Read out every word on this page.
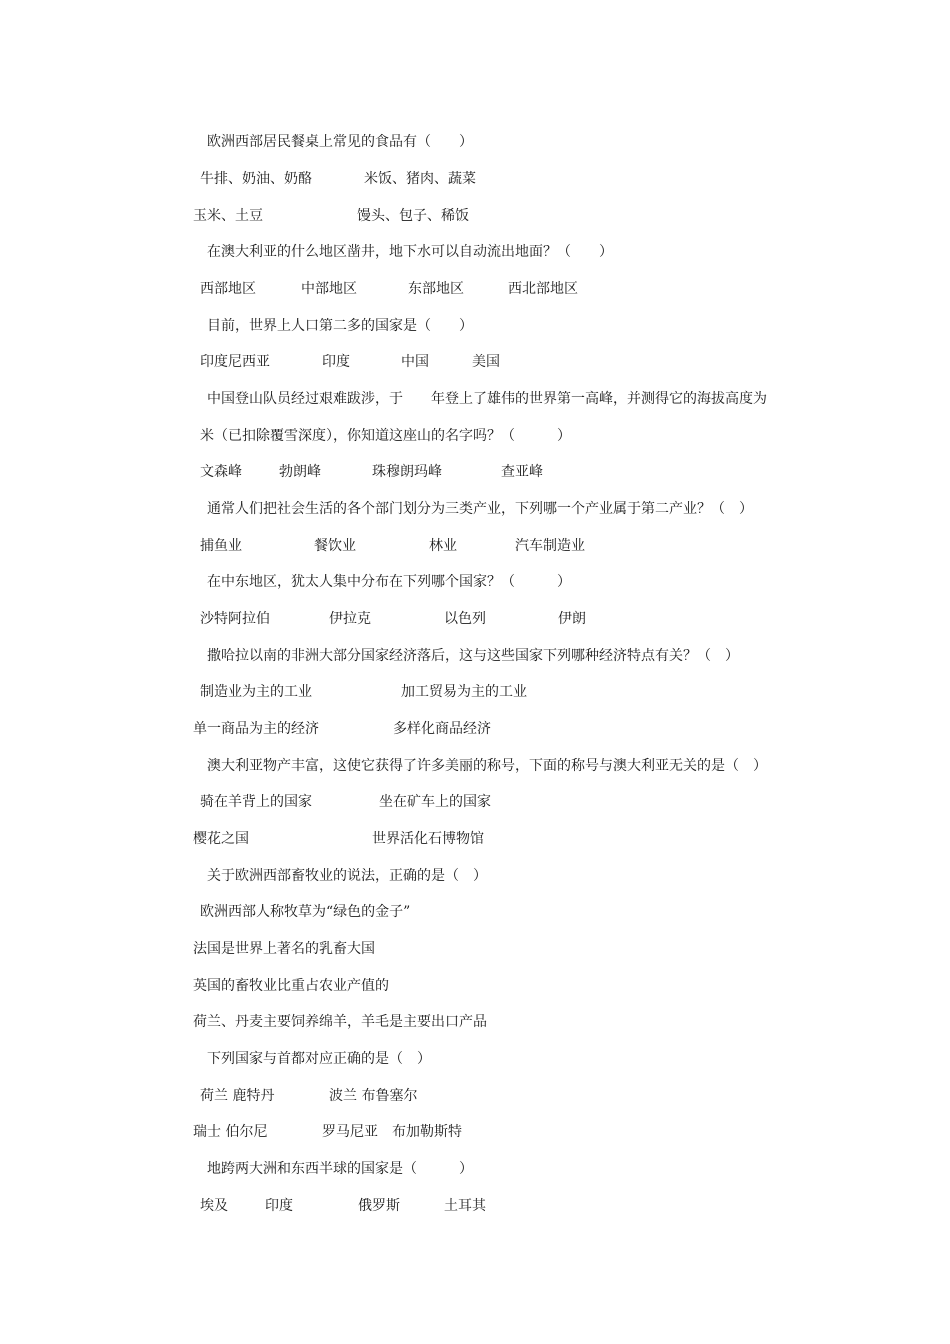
欧洲西部居民餐桌上常见的食品有（　　）
牛排、奶油、奶酪	米饭、猪肉、蔬菜
玉米、土豆	馒头、包子、稀饭
在澳大利亚的什么地区凿井，地下水可以自动流出地面？（　　）
西部地区	中部地区	东部地区	西北部地区
目前，世界上人口第二多的国家是（　　）
印度尼西亚	印度	中国	美国
中国登山队员经过艰难跋涉，于　　年登上了雄伟的世界第一高峰，并测得它的海拔高度为
米（已扣除覆雪深度），你知道这座山的名字吗？（　　　）
文森峰	勃朗峰	珠穆朗玛峰	查亚峰
通常人们把社会生活的各个部门划分为三类产业，下列哪一个产业属于第二产业？（　）
捕鱼业	餐饮业	林业	汽车制造业
在中东地区，犹太人集中分布在下列哪个国家？（　　　）
沙特阿拉伯	伊拉克	以色列	伊朗
撒哈拉以南的非洲大部分国家经济落后，这与这些国家下列哪种经济特点有关？（　）
制造业为主的工业	加工贸易为主的工业
单一商品为主的经济	多样化商品经济
澳大利亚物产丰富，这使它获得了许多美丽的称号，下面的称号与澳大利亚无关的是（　）
骑在羊背上的国家	坐在矿车上的国家
樱花之国	世界活化石博物馆
关于欧洲西部畜牧业的说法，正确的是（　）
欧洲西部人称牧草为“绿色的金子”
法国是世界上著名的乳畜大国
英国的畜牧业比重占农业产值的
荷兰、丹麦主要饲养绵羊，羊毛是主要出口产品
下列国家与首都对应正确的是（　）
荷兰 鹿特丹	波兰 布鲁塞尔
瑞士 伯尔尼	罗马尼亚　布加勒斯特
地跨两大洲和东西半球的国家是（　　　）
埃及	印度	俄罗斯	土耳其
